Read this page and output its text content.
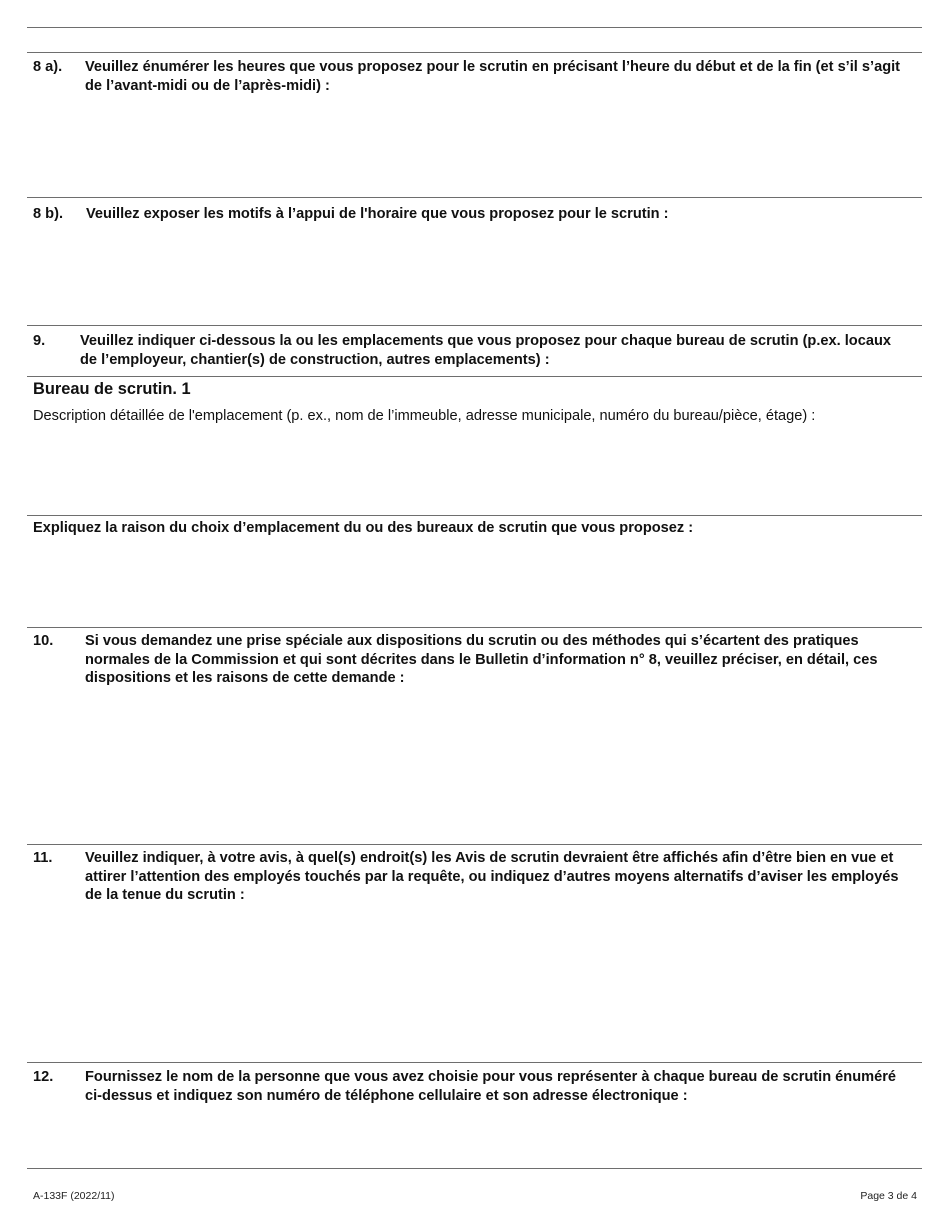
8 a).	Veuillez énumérer les heures que vous proposez pour le scrutin en précisant l’heure du début et de la fin (et s’il s’agit de l’avant-midi ou de l’après-midi) :
8 b).	Veuillez exposer les motifs à l’appui de l'horaire que vous proposez pour le scrutin :
9.	Veuillez indiquer ci-dessous la ou les emplacements que vous proposez pour chaque bureau de scrutin (p.ex. locaux de l’employeur, chantier(s) de construction, autres emplacements) :
Bureau de scrutin. 1
Description détaillée de l'emplacement (p. ex., nom de l’immeuble, adresse municipale, numéro du bureau/pièce, étage) :
Expliquez la raison du choix d’emplacement du ou des bureaux de scrutin que vous proposez :
10.	Si vous demandez une prise spéciale aux dispositions du scrutin ou des méthodes qui s’écartent des pratiques normales de la Commission et qui sont décrites dans le Bulletin d’information n° 8, veuillez préciser, en détail, ces dispositions et les raisons de cette demande :
11.	Veuillez indiquer, à votre avis, à quel(s) endroit(s) les Avis de scrutin devraient être affichés afin d’être bien en vue et attirer l’attention des employés touchés par la requête, ou indiquez d’autres moyens alternatifs d’aviser les employés de la tenue du scrutin :
12.	Fournissez le nom de la personne que vous avez choisie pour vous représenter à chaque bureau de scrutin énuméré ci-dessus et indiquez son numéro de téléphone cellulaire et son adresse électronique :
A-133F (2022/11)	Page 3 de 4
